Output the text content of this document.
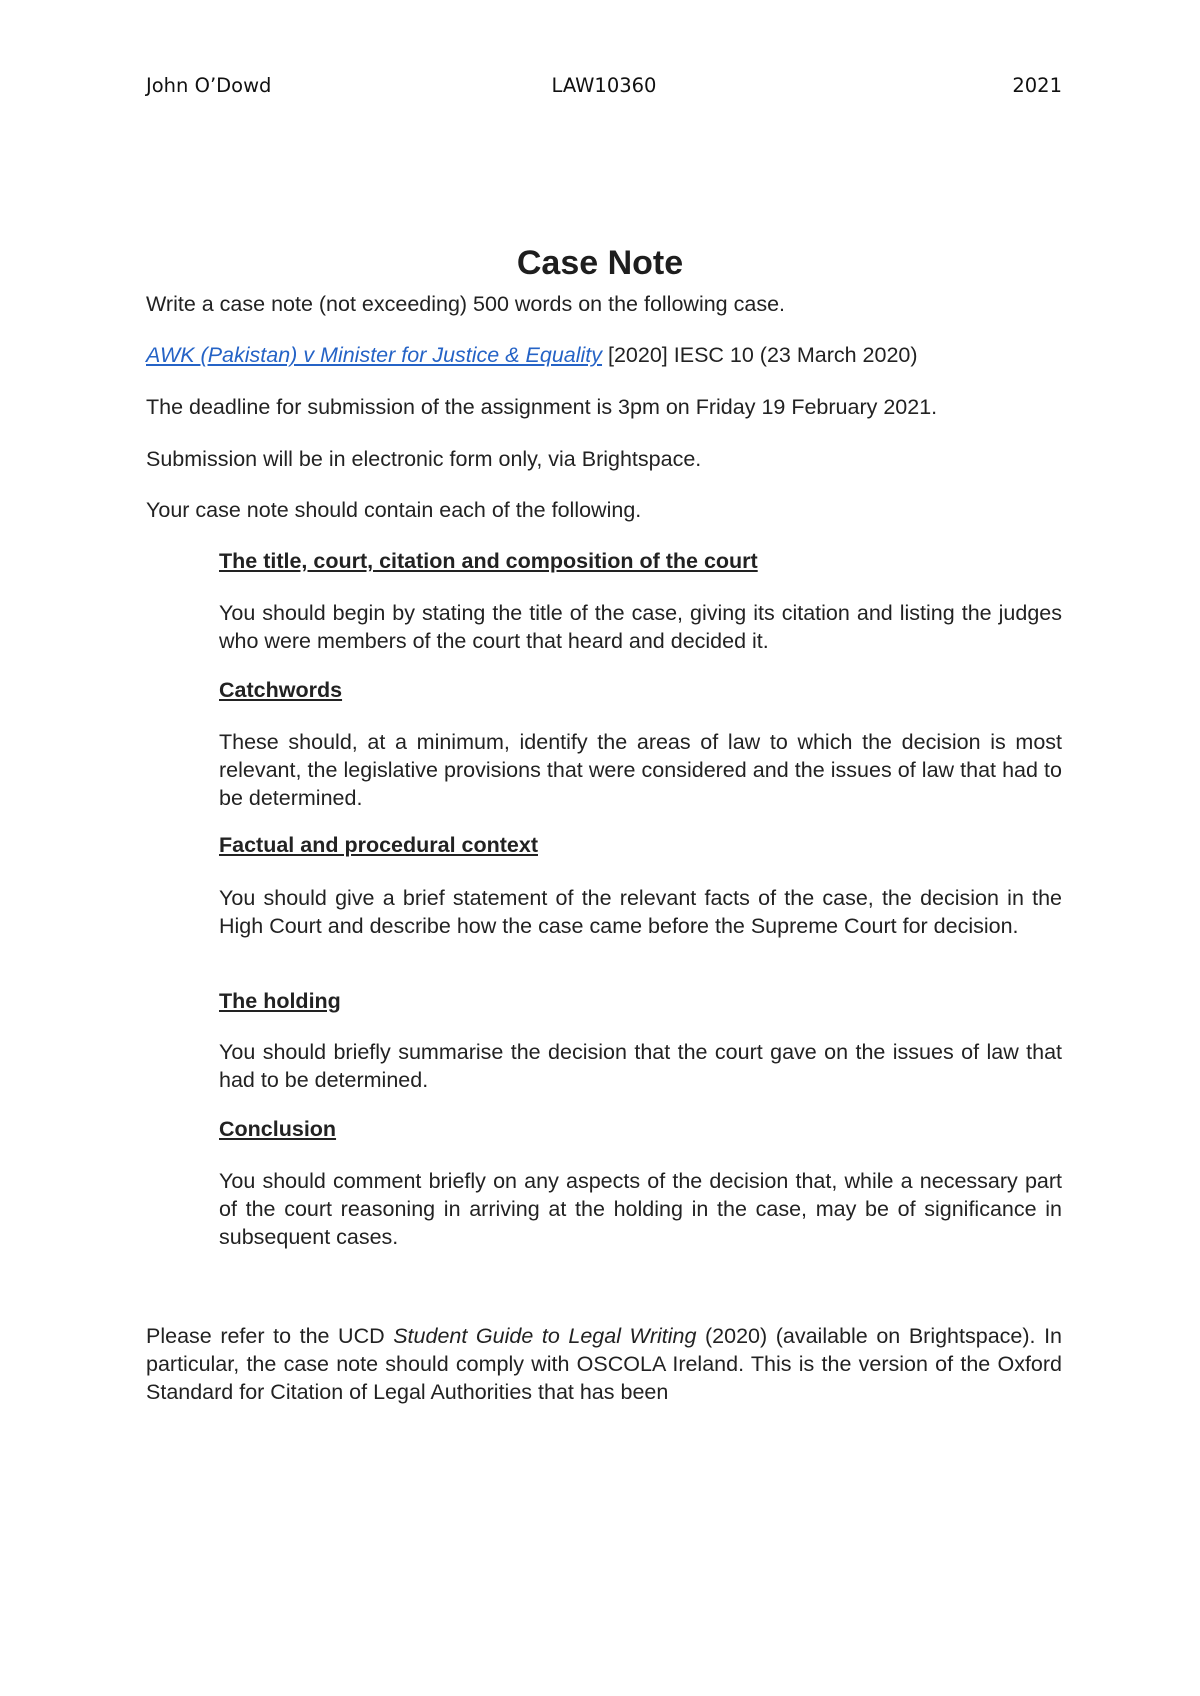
John O’Dowd	LAW10360	2021
Case Note

Write a case note (not exceeding) 500 words on the following case.

AWK (Pakistan) v Minister for Justice & Equality [2020] IESC 10 (23 March 2020)

The deadline for submission of the assignment is 3pm on Friday 19 February 2021.

Submission will be in electronic form only, via Brightspace.

Your case note should contain each of the following.

The title, court, citation and composition of the court

You should begin by stating the title of the case, giving its citation and listing the judges who were members of the court that heard and decided it.

Catchwords

These should, at a minimum, identify the areas of law to which the decision is most relevant, the legislative provisions that were considered and the issues of law that had to be determined.

Factual and procedural context

You should give a brief statement of the relevant facts of the case, the decision in the High Court and describe how the case came before the Supreme Court for decision.

The holding

You should briefly summarise the decision that the court gave on the issues of law that had to be determined.

Conclusion

You should comment briefly on any aspects of the decision that, while a necessary part of the court reasoning in arriving at the holding in the case, may be of significance in subsequent cases.

Please refer to the UCD Student Guide to Legal Writing (2020) (available on Brightspace). In particular, the case note should comply with OSCOLA Ireland. This is the version of the Oxford Standard for Citation of Legal Authorities that has been
